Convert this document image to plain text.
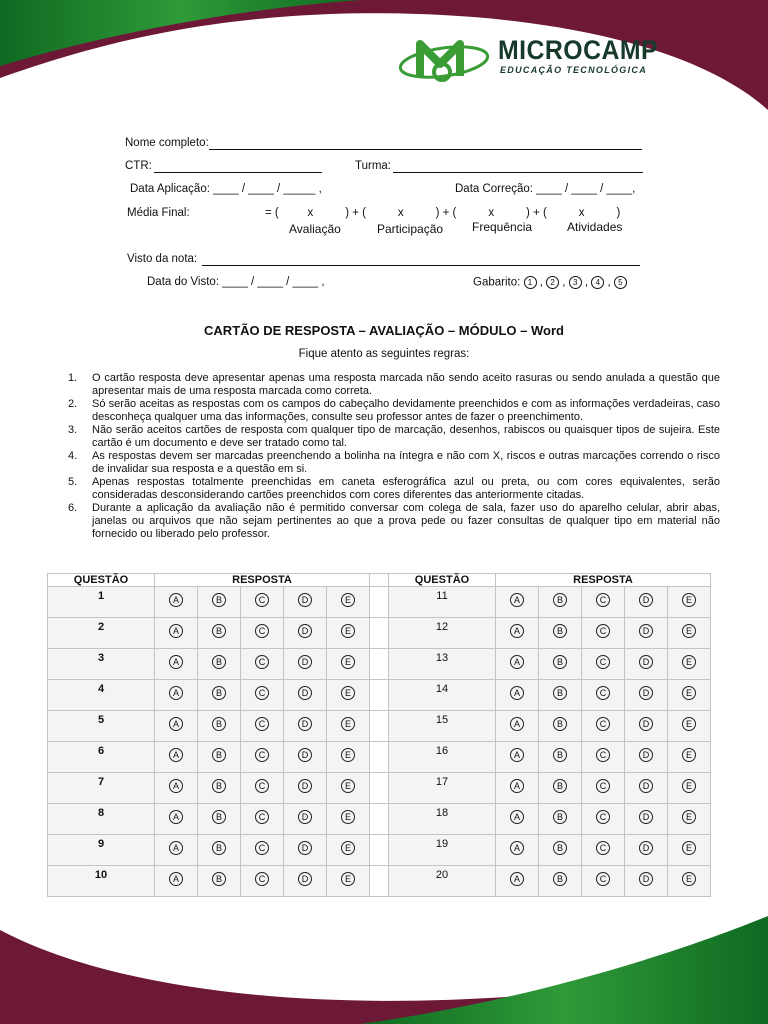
MICROCAMP
EDUCAÇÃO TECNOLÓGICA
Nome completo:
CTR:	Turma:
Data Aplicação: ____ / ____ / _____ ,	Data Correção: ____ / ____ / ____,
Média Final:	= (         x          ) + (          x          ) + (          x          ) + (          x          )
Avaliação	Participação Frequência	Atividades
Visto da nota:
Data do Visto: ____ / ____ / ____ ,	Gabarito: 1 , 2 , 3 , 4 , 5
CARTÃO DE RESPOSTA – AVALIAÇÃO – MÓDULO – Word
Fique atento as seguintes regras:
1. O cartão resposta deve apresentar apenas uma resposta marcada não sendo aceito rasuras ou sendo anulada a questão que apresentar mais de uma resposta marcada como correta.
2. Só serão aceitas as respostas com os campos do cabeçalho devidamente preenchidos e com as informações verdadeiras, caso desconheça qualquer uma das informações, consulte seu professor antes de fazer o preenchimento.
3. Não serão aceitos cartões de resposta com qualquer tipo de marcação, desenhos, rabiscos ou quaisquer tipos de sujeira. Este cartão é um documento e deve ser tratado como tal.
4. As respostas devem ser marcadas preenchendo a bolinha na íntegra e não com X, riscos e outras marcações correndo o risco de invalidar sua resposta e a questão em si.
5. Apenas respostas totalmente preenchidas em caneta esferográfica azul ou preta, ou com cores equivalentes, serão consideradas desconsiderando cartões preenchidos com cores diferentes das anteriormente citadas.
6. Durante a aplicação da avaliação não é permitido conversar com colega de sala, fazer uso do aparelho celular, abrir abas, janelas ou arquivos que não sejam pertinentes ao que a prova pede ou fazer consultas de qualquer tipo em material não fornecido ou liberado pelo professor.
QUESTÃO	RESPOSTA						QUESTÃO	RESPOSTA				
1	A	B	C	D	E		11	A	B	C	D	E
2	A	B	C	D	E		12	A	B	C	D	E
3	A	B	C	D	E		13	A	B	C	D	E
4	A	B	C	D	E		14	A	B	C	D	E
5	A	B	C	D	E		15	A	B	C	D	E
6	A	B	C	D	E		16	A	B	C	D	E
7	A	B	C	D	E		17	A	B	C	D	E
8	A	B	C	D	E		18	A	B	C	D	E
9	A	B	C	D	E		19	A	B	C	D	E
10	A	B	C	D	E		20	A	B	C	D	E
